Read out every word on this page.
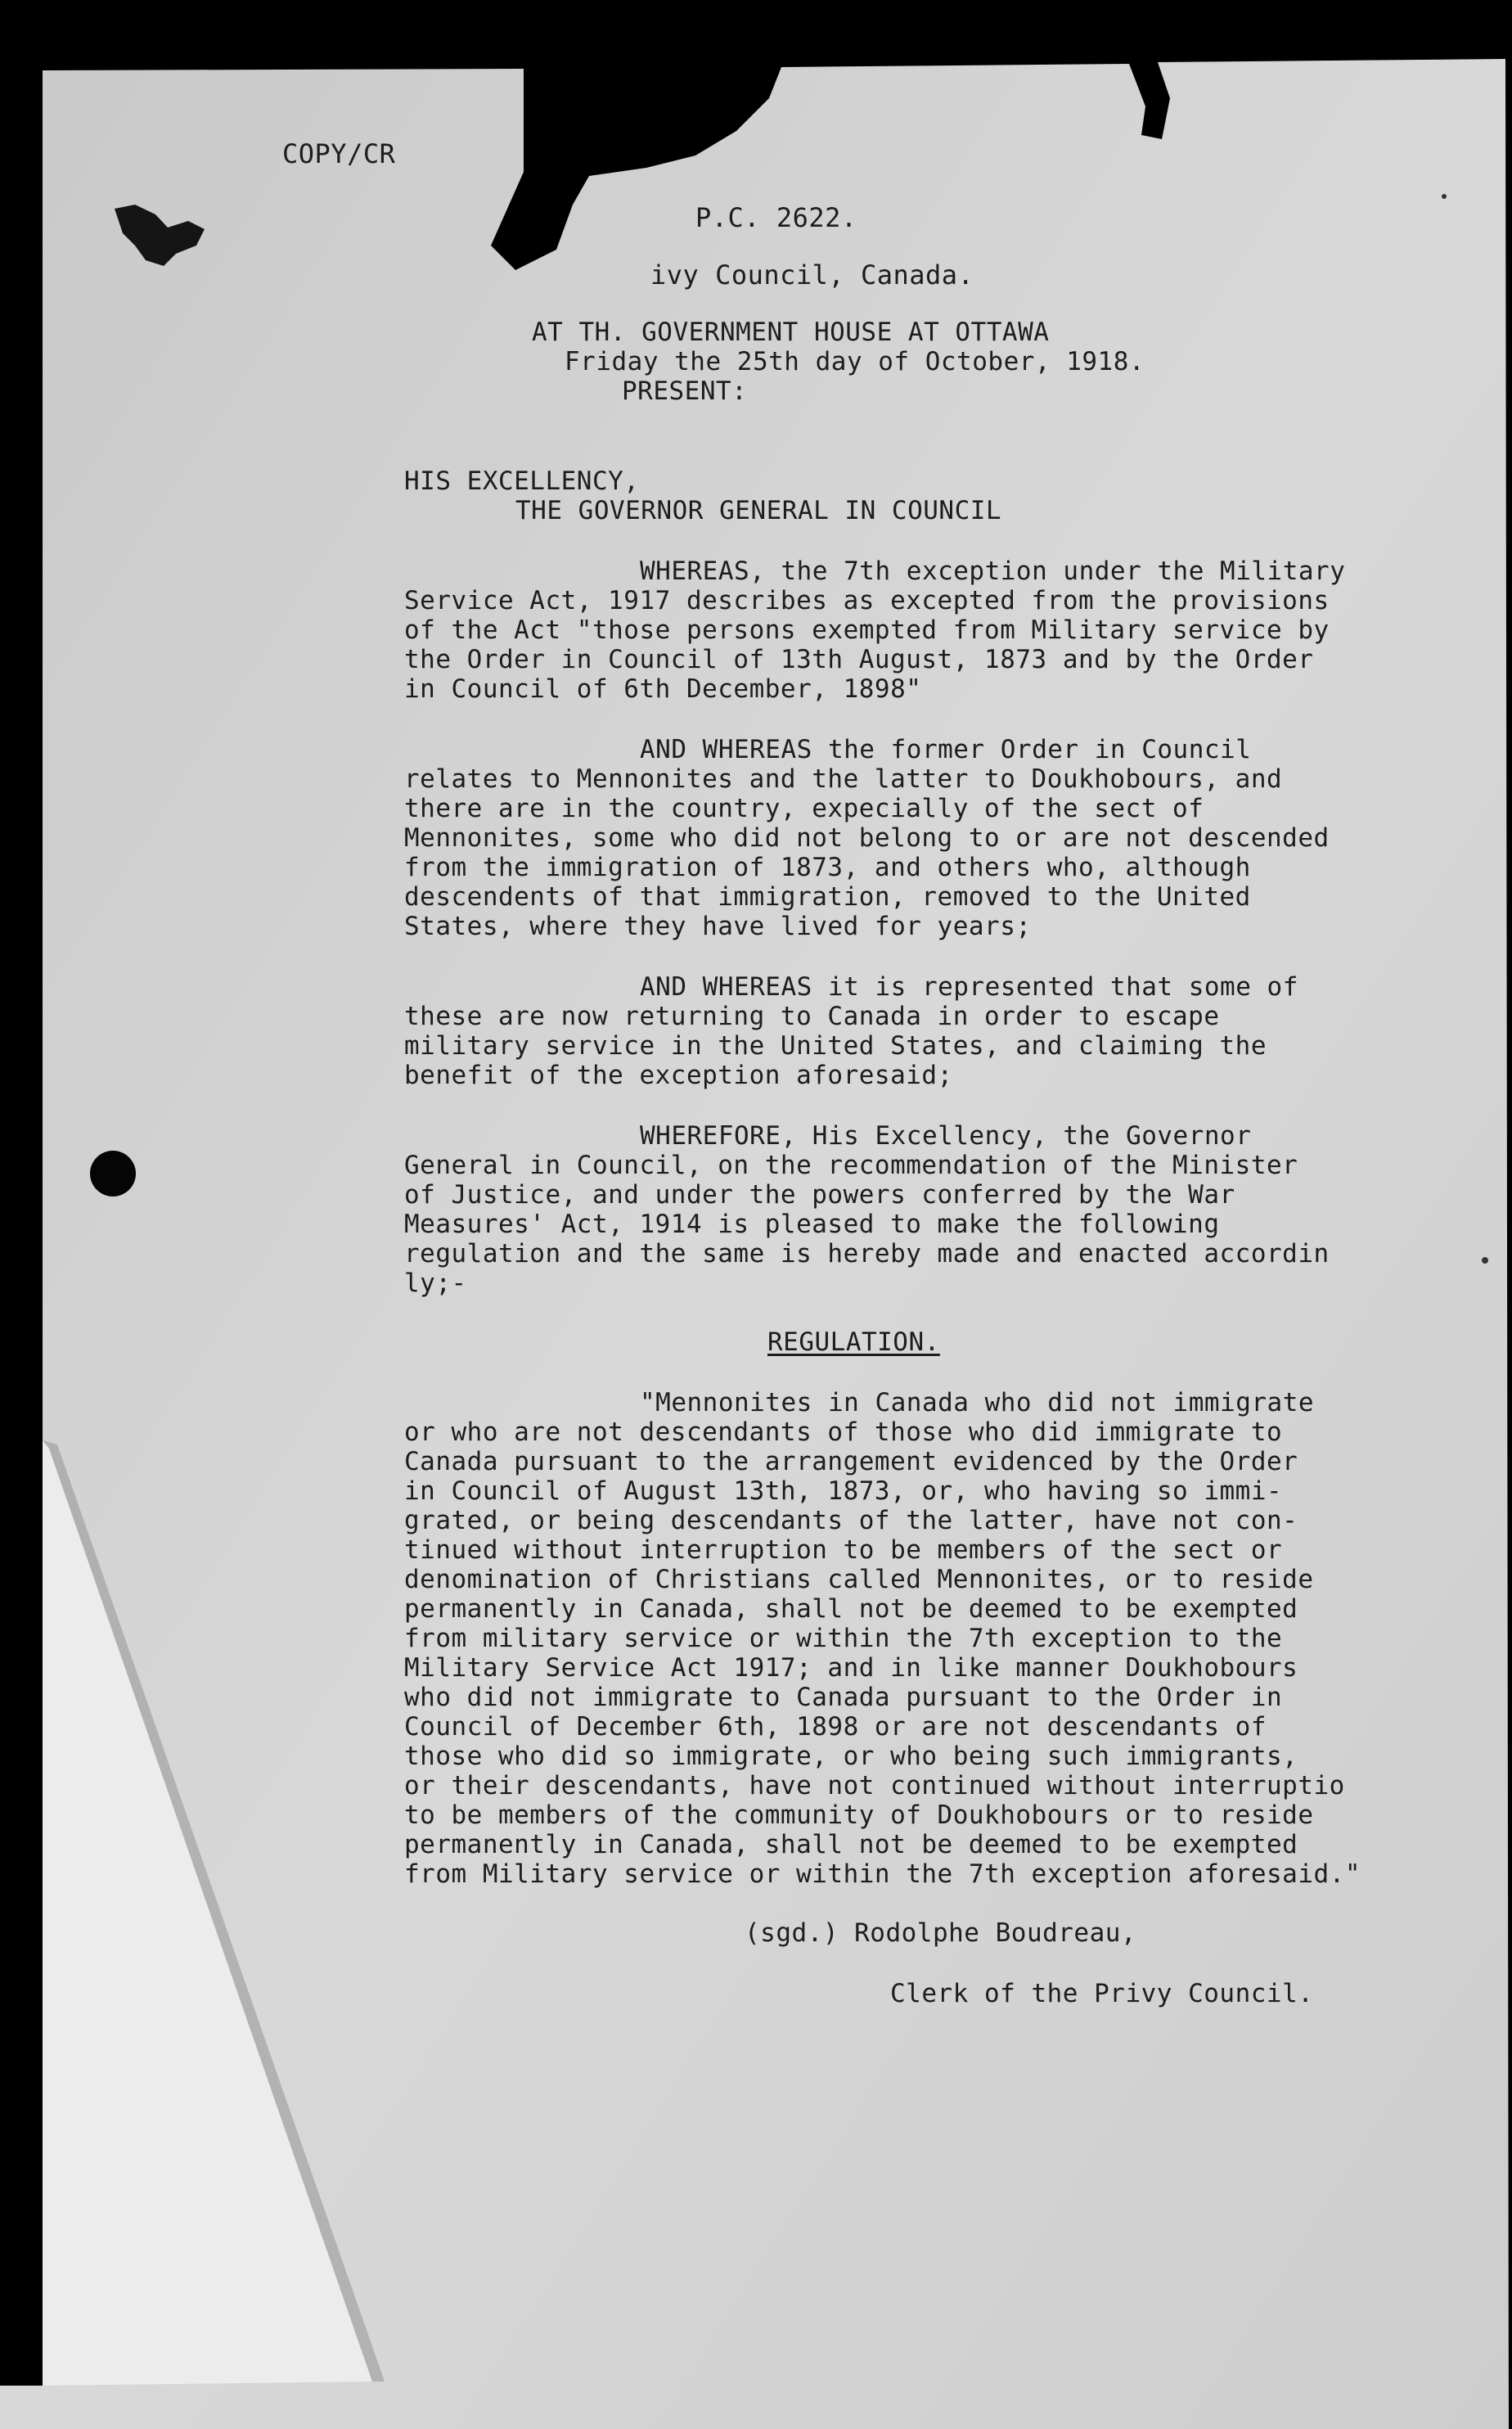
COPY/CR
P.C. 2622.
ivy Council, Canada.
AT TH. GOVERNMENT HOUSE AT OTTAWA
Friday the 25th day of October, 1918.
PRESENT:
HIS EXCELLENCY,
THE GOVERNOR GENERAL IN COUNCIL
WHEREAS, the 7th exception under the Military
Service Act, 1917 describes as excepted from the provisions
of the Act "those persons exempted from Military service by
the Order in Council of 13th August, 1873 and by the Order
in Council of 6th December, 1898"
AND WHEREAS the former Order in Council
relates to Mennonites and the latter to Doukhobours, and
there are in the country, expecially of the sect of
Mennonites, some who did not belong to or are not descended
from the immigration of 1873, and others who, although
descendents of that immigration, removed to the United
States, where they have lived for years;
AND WHEREAS it is represented that some of
these are now returning to Canada in order to escape
military service in the United States, and claiming the
benefit of the exception aforesaid;
WHEREFORE, His Excellency, the Governor
General in Council, on the recommendation of the Minister
of Justice, and under the powers conferred by the War
Measures' Act, 1914 is pleased to make the following
regulation and the same is hereby made and enacted accordin
ly;-
REGULATION.
"Mennonites in Canada who did not immigrate
or who are not descendants of those who did immigrate to
Canada pursuant to the arrangement evidenced by the Order
in Council of August 13th, 1873, or, who having so immi-
grated, or being descendants of the latter, have not con-
tinued without interruption to be members of the sect or
denomination of Christians called Mennonites, or to reside
permanently in Canada, shall not be deemed to be exempted
from military service or within the 7th exception to the
Military Service Act 1917; and in like manner Doukhobours
who did not immigrate to Canada pursuant to the Order in
Council of December 6th, 1898 or are not descendants of
those who did so immigrate, or who being such immigrants,
or their descendants, have not continued without interruptio
to be members of the community of Doukhobours or to reside
permanently in Canada, shall not be deemed to be exempted
from Military service or within the 7th exception aforesaid."
(sgd.) Rodolphe Boudreau,
Clerk of the Privy Council.
